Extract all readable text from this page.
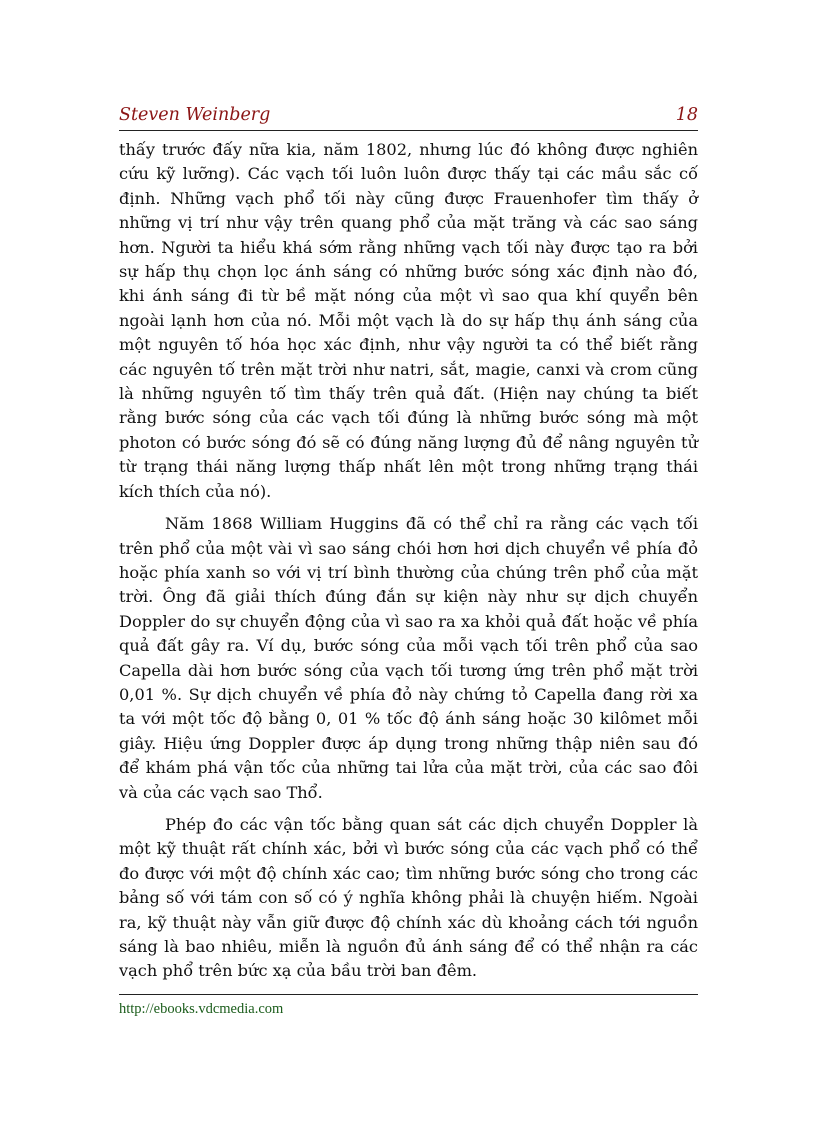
Steven Weinberg	18

thấy trước đấy nữa kia, năm 1802, nhưng lúc đó không được nghiên cứu kỹ lưỡng). Các vạch tối luôn luôn được thấy tại các mầu sắc cố định. Những vạch phổ tối này cũng được Frauenhofer tìm thấy ở những vị trí như vậy trên quang phổ của mặt trăng và các sao sáng hơn. Người ta hiểu khá sớm rằng những vạch tối này được tạo ra bởi sự hấp thụ chọn lọc ánh sáng có những bước sóng xác định nào đó, khi ánh sáng đi từ bề mặt nóng của một vì sao qua khí quyển bên ngoài lạnh hơn của nó. Mỗi một vạch là do sự hấp thụ ánh sáng của một nguyên tố hóa học xác định, như vậy người ta có thể biết rằng các nguyên tố trên mặt trời như natri, sắt, magie, canxi và crom cũng là những nguyên tố tìm thấy trên quả đất. (Hiện nay chúng ta biết rằng bước sóng của các vạch tối đúng là những bước sóng mà một photon có bước sóng đó sẽ có đúng năng lượng đủ để nâng nguyên tử từ trạng thái năng lượng thấp nhất lên một trong những trạng thái kích thích của nó).

Năm 1868 William Huggins đã có thể chỉ ra rằng các vạch tối trên phổ của một vài vì sao sáng chói hơn hơi dịch chuyển về phía đỏ hoặc phía xanh so với vị trí bình thường của chúng trên phổ của mặt trời. Ông đã giải thích đúng đắn sự kiện này như sự dịch chuyển Doppler do sự chuyển động của vì sao ra xa khỏi quả đất hoặc về phía quả đất gây ra. Ví dụ, bước sóng của mỗi vạch tối trên phổ của sao Capella dài hơn bước sóng của vạch tối tương ứng trên phổ mặt trời 0,01 %. Sự dịch chuyển về phía đỏ này chứng tỏ Capella đang rời xa ta với một tốc độ bằng 0, 01 % tốc độ ánh sáng hoặc 30 kilômet mỗi giây. Hiệu ứng Doppler được áp dụng trong những thập niên sau đó để khám phá vận tốc của những tai lửa của mặt trời, của các sao đôi và của các vạch sao Thổ.

Phép đo các vận tốc bằng quan sát các dịch chuyển Doppler là một kỹ thuật rất chính xác, bởi vì bước sóng của các vạch phổ có thể đo được với một độ chính xác cao; tìm những bước sóng cho trong các bảng số với tám con số có ý nghĩa không phải là chuyện hiếm. Ngoài ra, kỹ thuật này vẫn giữ được độ chính xác dù khoảng cách tới nguồn sáng là bao nhiêu, miễn là nguồn đủ ánh sáng để có thể nhận ra các vạch phổ trên bức xạ của bầu trời ban đêm.

http://ebooks.vdcmedia.com
